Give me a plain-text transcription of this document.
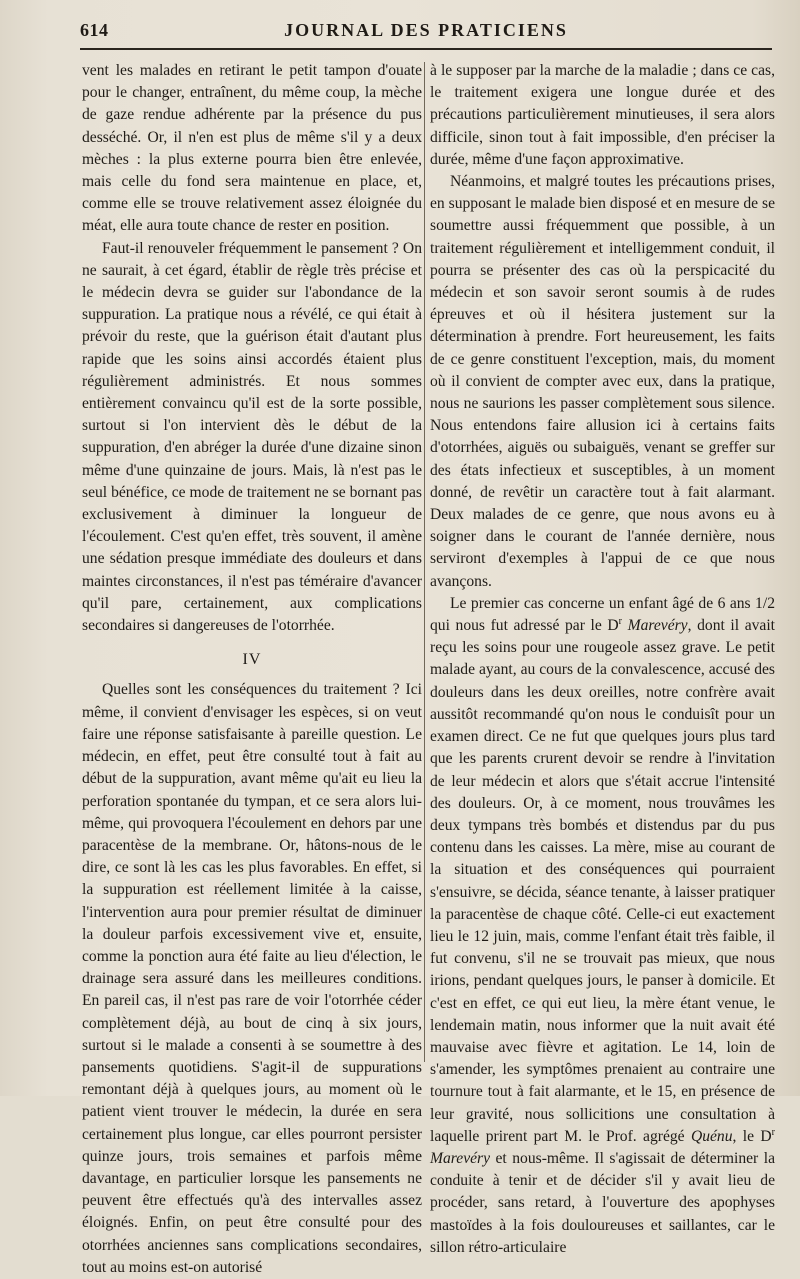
614	JOURNAL DES PRATICIENS

vent les malades en retirant le petit tampon d'ouate pour le changer, entraînent, du même coup, la mèche de gaze rendue adhérente par la présence du pus desséché. Or, il n'en est plus de même s'il y a deux mèches : la plus externe pourra bien être enlevée, mais celle du fond sera maintenue en place, et, comme elle se trouve relativement assez éloignée du méat, elle aura toute chance de rester en position.

Faut-il renouveler fréquemment le pansement ? On ne saurait, à cet égard, établir de règle très précise et le médecin devra se guider sur l'abondance de la suppuration. La pratique nous a révélé, ce qui était à prévoir du reste, que la guérison était d'autant plus rapide que les soins ainsi accordés étaient plus régulièrement administrés. Et nous sommes entièrement convaincu qu'il est de la sorte possible, surtout si l'on intervient dès le début de la suppuration, d'en abréger la durée d'une dizaine sinon même d'une quinzaine de jours. Mais, là n'est pas le seul bénéfice, ce mode de traitement ne se bornant pas exclusivement à diminuer la longueur de l'écoulement. C'est qu'en effet, très souvent, il amène une sédation presque immédiate des douleurs et dans maintes circonstances, il n'est pas téméraire d'avancer qu'il pare, certainement, aux complications secondaires si dangereuses de l'otorrhée.

IV

Quelles sont les conséquences du traitement ? Ici même, il convient d'envisager les espèces, si on veut faire une réponse satisfaisante à pareille question. Le médecin, en effet, peut être consulté tout à fait au début de la suppuration, avant même qu'ait eu lieu la perforation spontanée du tympan, et ce sera alors lui-même, qui provoquera l'écoulement en dehors par une paracentèse de la membrane. Or, hâtons-nous de le dire, ce sont là les cas les plus favorables. En effet, si la suppuration est réellement limitée à la caisse, l'intervention aura pour premier résultat de diminuer la douleur parfois excessivement vive et, ensuite, comme la ponction aura été faite au lieu d'élection, le drainage sera assuré dans les meilleures conditions. En pareil cas, il n'est pas rare de voir l'otorrhée céder complètement déjà, au bout de cinq à six jours, surtout si le malade a consenti à se soumettre à des pansements quotidiens. S'agit-il de suppurations remontant déjà à quelques jours, au moment où le patient vient trouver le médecin, la durée en sera certainement plus longue, car elles pourront persister quinze jours, trois semaines et parfois même davantage, en particulier lorsque les pansements ne peuvent être effectués qu'à des intervalles assez éloignés. Enfin, on peut être consulté pour des otorrhées anciennes sans complications secondaires, tout au moins est-on autorisé

à le supposer par la marche de la maladie ; dans ce cas, le traitement exigera une longue durée et des précautions particulièrement minutieuses, il sera alors difficile, sinon tout à fait impossible, d'en préciser la durée, même d'une façon approximative.

Néanmoins, et malgré toutes les précautions prises, en supposant le malade bien disposé et en mesure de se soumettre aussi fréquemment que possible, à un traitement régulièrement et intelligemment conduit, il pourra se présenter des cas où la perspicacité du médecin et son savoir seront soumis à de rudes épreuves et où il hésitera justement sur la détermination à prendre. Fort heureusement, les faits de ce genre constituent l'exception, mais, du moment où il convient de compter avec eux, dans la pratique, nous ne saurions les passer complètement sous silence. Nous entendons faire allusion ici à certains faits d'otorrhées, aiguës ou subaiguës, venant se greffer sur des états infectieux et susceptibles, à un moment donné, de revêtir un caractère tout à fait alarmant. Deux malades de ce genre, que nous avons eu à soigner dans le courant de l'année dernière, nous serviront d'exemples à l'appui de ce que nous avançons.

Le premier cas concerne un enfant âgé de 6 ans 1/2 qui nous fut adressé par le $D^r$ Marevéry, dont il avait reçu les soins pour une rougeole assez grave. Le petit malade ayant, au cours de la convalescence, accusé des douleurs dans les deux oreilles, notre confrère avait aussitôt recommandé qu'on nous le conduisît pour un examen direct. Ce ne fut que quelques jours plus tard que les parents crurent devoir se rendre à l'invitation de leur médecin et alors que s'était accrue l'intensité des douleurs. Or, à ce moment, nous trouvâmes les deux tympans très bombés et distendus par du pus contenu dans les caisses. La mère, mise au courant de la situation et des conséquences qui pourraient s'ensuivre, se décida, séance tenante, à laisser pratiquer la paracentèse de chaque côté. Celle-ci eut exactement lieu le 12 juin, mais, comme l'enfant était très faible, il fut convenu, s'il ne se trouvait pas mieux, que nous irions, pendant quelques jours, le panser à domicile. Et c'est en effet, ce qui eut lieu, la mère étant venue, le lendemain matin, nous informer que la nuit avait été mauvaise avec fièvre et agitation. Le 14, loin de s'amender, les symptômes prenaient au contraire une tournure tout à fait alarmante, et le 15, en présence de leur gravité, nous sollicitions une consultation à laquelle prirent part M. le Prof. agrégé Quénu, le $D^r$ Marevéry et nous-même. Il s'agissait de déterminer la conduite à tenir et de décider s'il y avait lieu de procéder, sans retard, à l'ouverture des apophyses mastoïdes à la fois douloureuses et saillantes, car le sillon rétro-articulaire
